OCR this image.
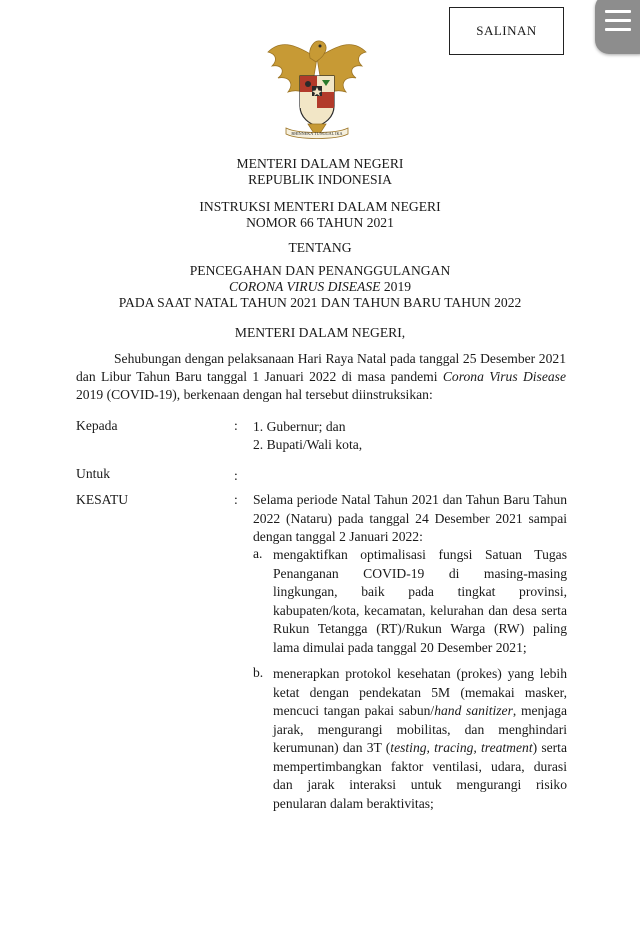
SALINAN
BHINNEKA TUNGGAL IKA

MENTERI DALAM NEGERI

REPUBLIK INDONESIA

INSTRUKSI MENTERI DALAM NEGERI

NOMOR 66 TAHUN 2021

TENTANG

PENCEGAHAN DAN PENANGGULANGAN

CORONA VIRUS DISEASE 2019

PADA SAAT NATAL TAHUN 2021 DAN TAHUN BARU TAHUN 2022

MENTERI DALAM NEGERI,

Sehubungan dengan pelaksanaan Hari Raya Natal pada tanggal 25 Desember 2021 dan Libur Tahun Baru tanggal 1 Januari 2022 di masa pandemi Corona Virus Disease 2019 (COVID-19), berkenaan dengan hal tersebut diinstruksikan:

Kepada	: 1. Gubernur; dan

2. Bupati/Wali kota,

Untuk	:

KESATU	: Selama periode Natal Tahun 2021 dan Tahun Baru Tahun 2022 (Nataru) pada tanggal 24 Desember 2021 sampai dengan tanggal 2 Januari 2022:

a. mengaktifkan optimalisasi fungsi Satuan Tugas Penanganan COVID-19 di masing-masing lingkungan, baik pada tingkat provinsi, kabupaten/kota, kecamatan, kelurahan dan desa serta Rukun Tetangga (RT)/Rukun Warga (RW) paling lama dimulai pada tanggal 20 Desember 2021;

b. menerapkan protokol kesehatan (prokes) yang lebih ketat dengan pendekatan 5M (memakai masker, mencuci tangan pakai sabun/hand sanitizer, menjaga jarak, mengurangi mobilitas, dan menghindari kerumunan) dan 3T (testing, tracing, treatment) serta mempertimbangkan faktor ventilasi, udara, durasi dan jarak interaksi untuk mengurangi risiko penularan dalam beraktivitas;
